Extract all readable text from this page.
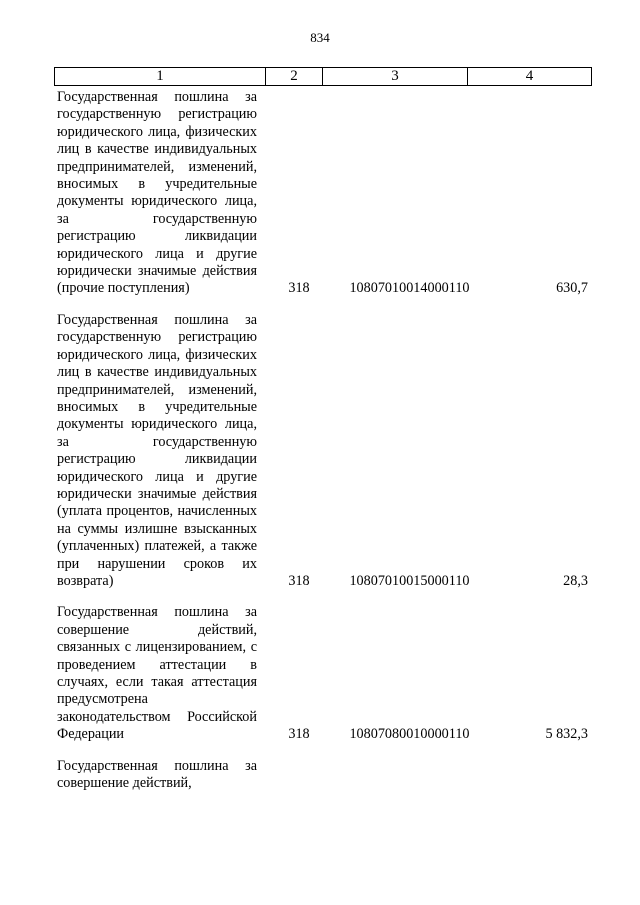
834
1	2	3	4
Государственная пошлина за государственную регистрацию юридического лица, физических лиц в качестве индивидуальных предпринимателей, изменений, вносимых в учредительные документы юридического лица, за государственную регистрацию ликвидации юридического лица и другие юридически значимые действия (прочие поступления)	318	10807010014000110	630,7
Государственная пошлина за государственную регистрацию юридического лица, физических лиц в качестве индивидуальных предпринимателей, изменений, вносимых в учредительные документы юридического лица, за государственную регистрацию ликвидации юридического лица и другие юридически значимые действия (уплата процентов, начисленных на суммы излишне взысканных (уплаченных) платежей, а также при нарушении сроков их возврата)	318	10807010015000110	28,3
Государственная пошлина за совершение действий, связанных с лицензированием, с проведением аттестации в случаях, если такая аттестация предусмотрена законодательством Российской Федерации	318	10807080010000110	5 832,3
Государственная пошлина за совершение действий,
